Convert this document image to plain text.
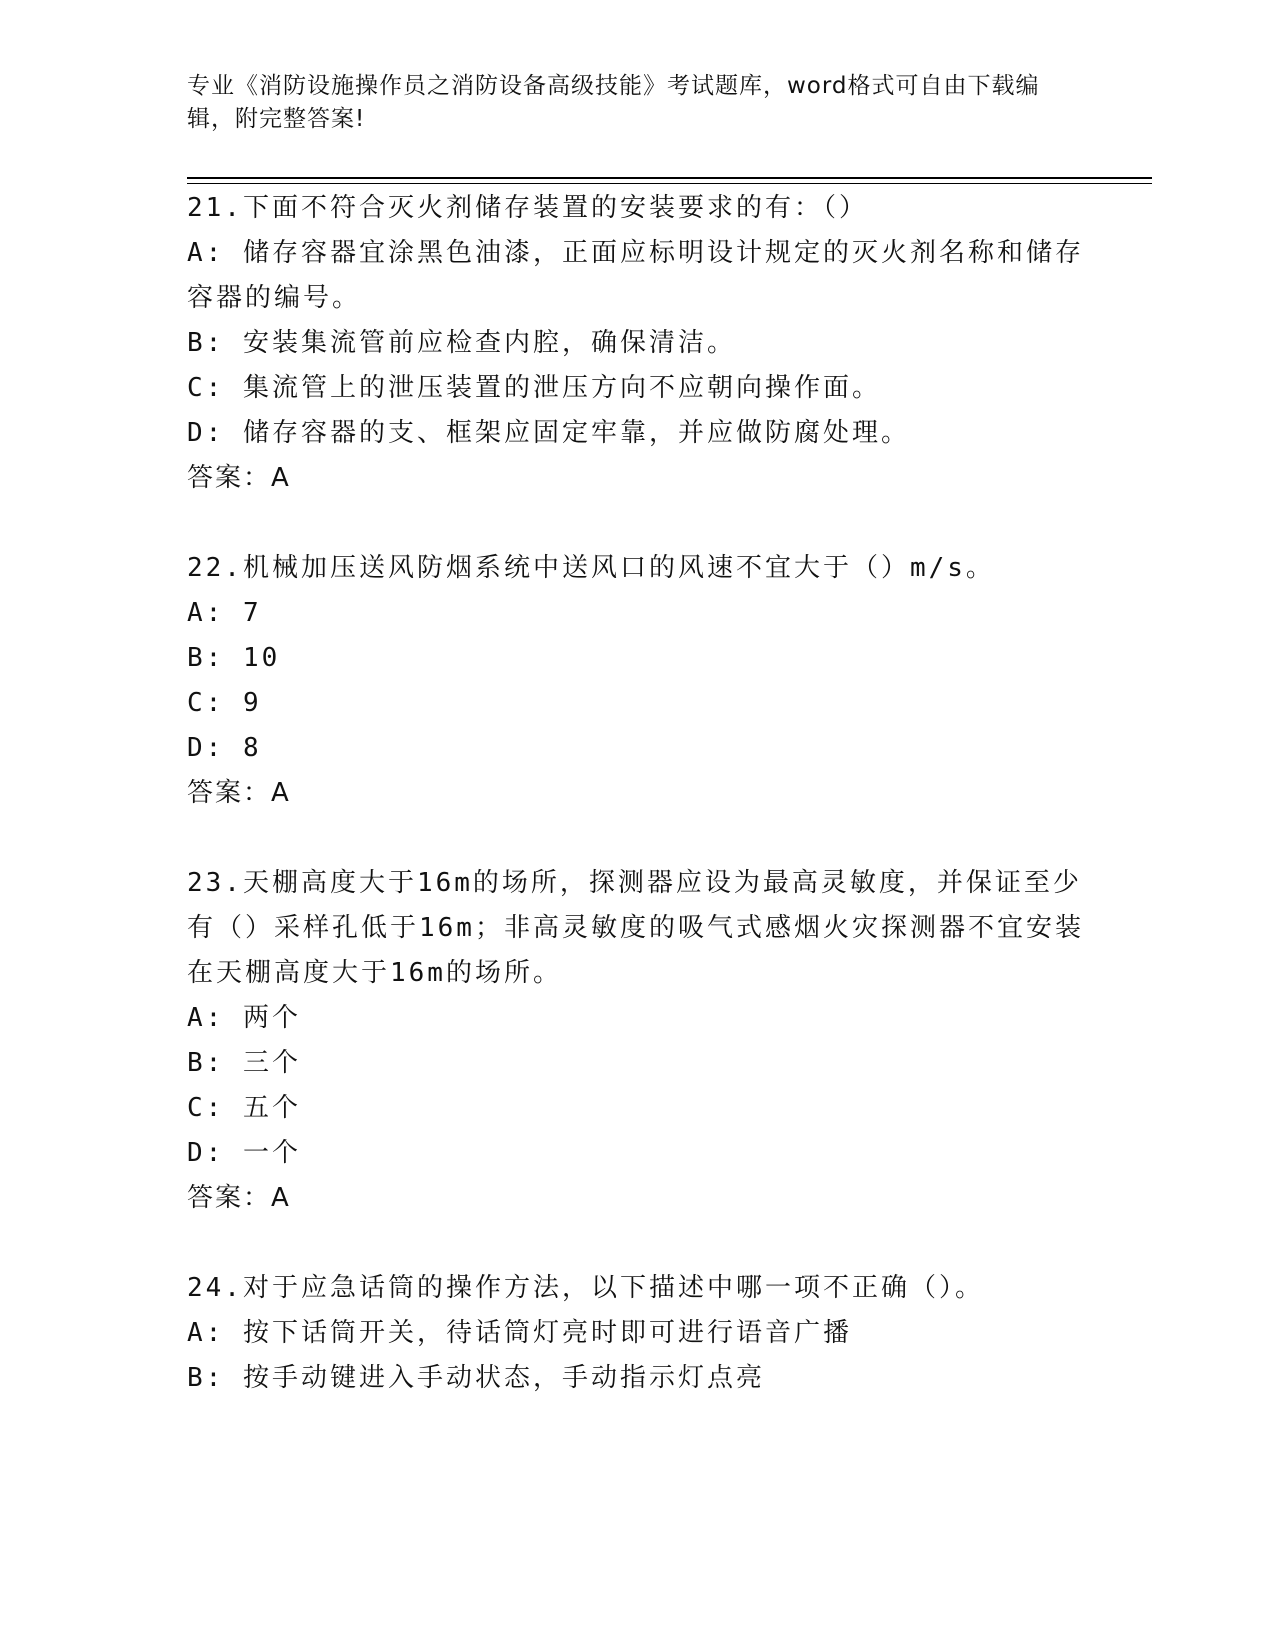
专业《消防设施操作员之消防设备高级技能》考试题库，word格式可自由下载编辑，附完整答案!
21.下面不符合灭火剂储存装置的安装要求的有：（）
A: 储存容器宜涂黑色油漆，正面应标明设计规定的灭火剂名称和储存
容器的编号。
B: 安装集流管前应检查内腔，确保清洁。
C: 集流管上的泄压装置的泄压方向不应朝向操作面。
D: 储存容器的支、框架应固定牢靠，并应做防腐处理。
答案：A
22.机械加压送风防烟系统中送风口的风速不宜大于（）m/s。
A: 7
B: 10
C: 9
D: 8
答案：A
23.天棚高度大于16m的场所，探测器应设为最高灵敏度，并保证至少
有（）采样孔低于16m；非高灵敏度的吸气式感烟火灾探测器不宜安装
在天棚高度大于16m的场所。
A: 两个
B: 三个
C: 五个
D: 一个
答案：A
24.对于应急话筒的操作方法，以下描述中哪一项不正确（）。
A: 按下话筒开关，待话筒灯亮时即可进行语音广播
B: 按手动键进入手动状态，手动指示灯点亮
